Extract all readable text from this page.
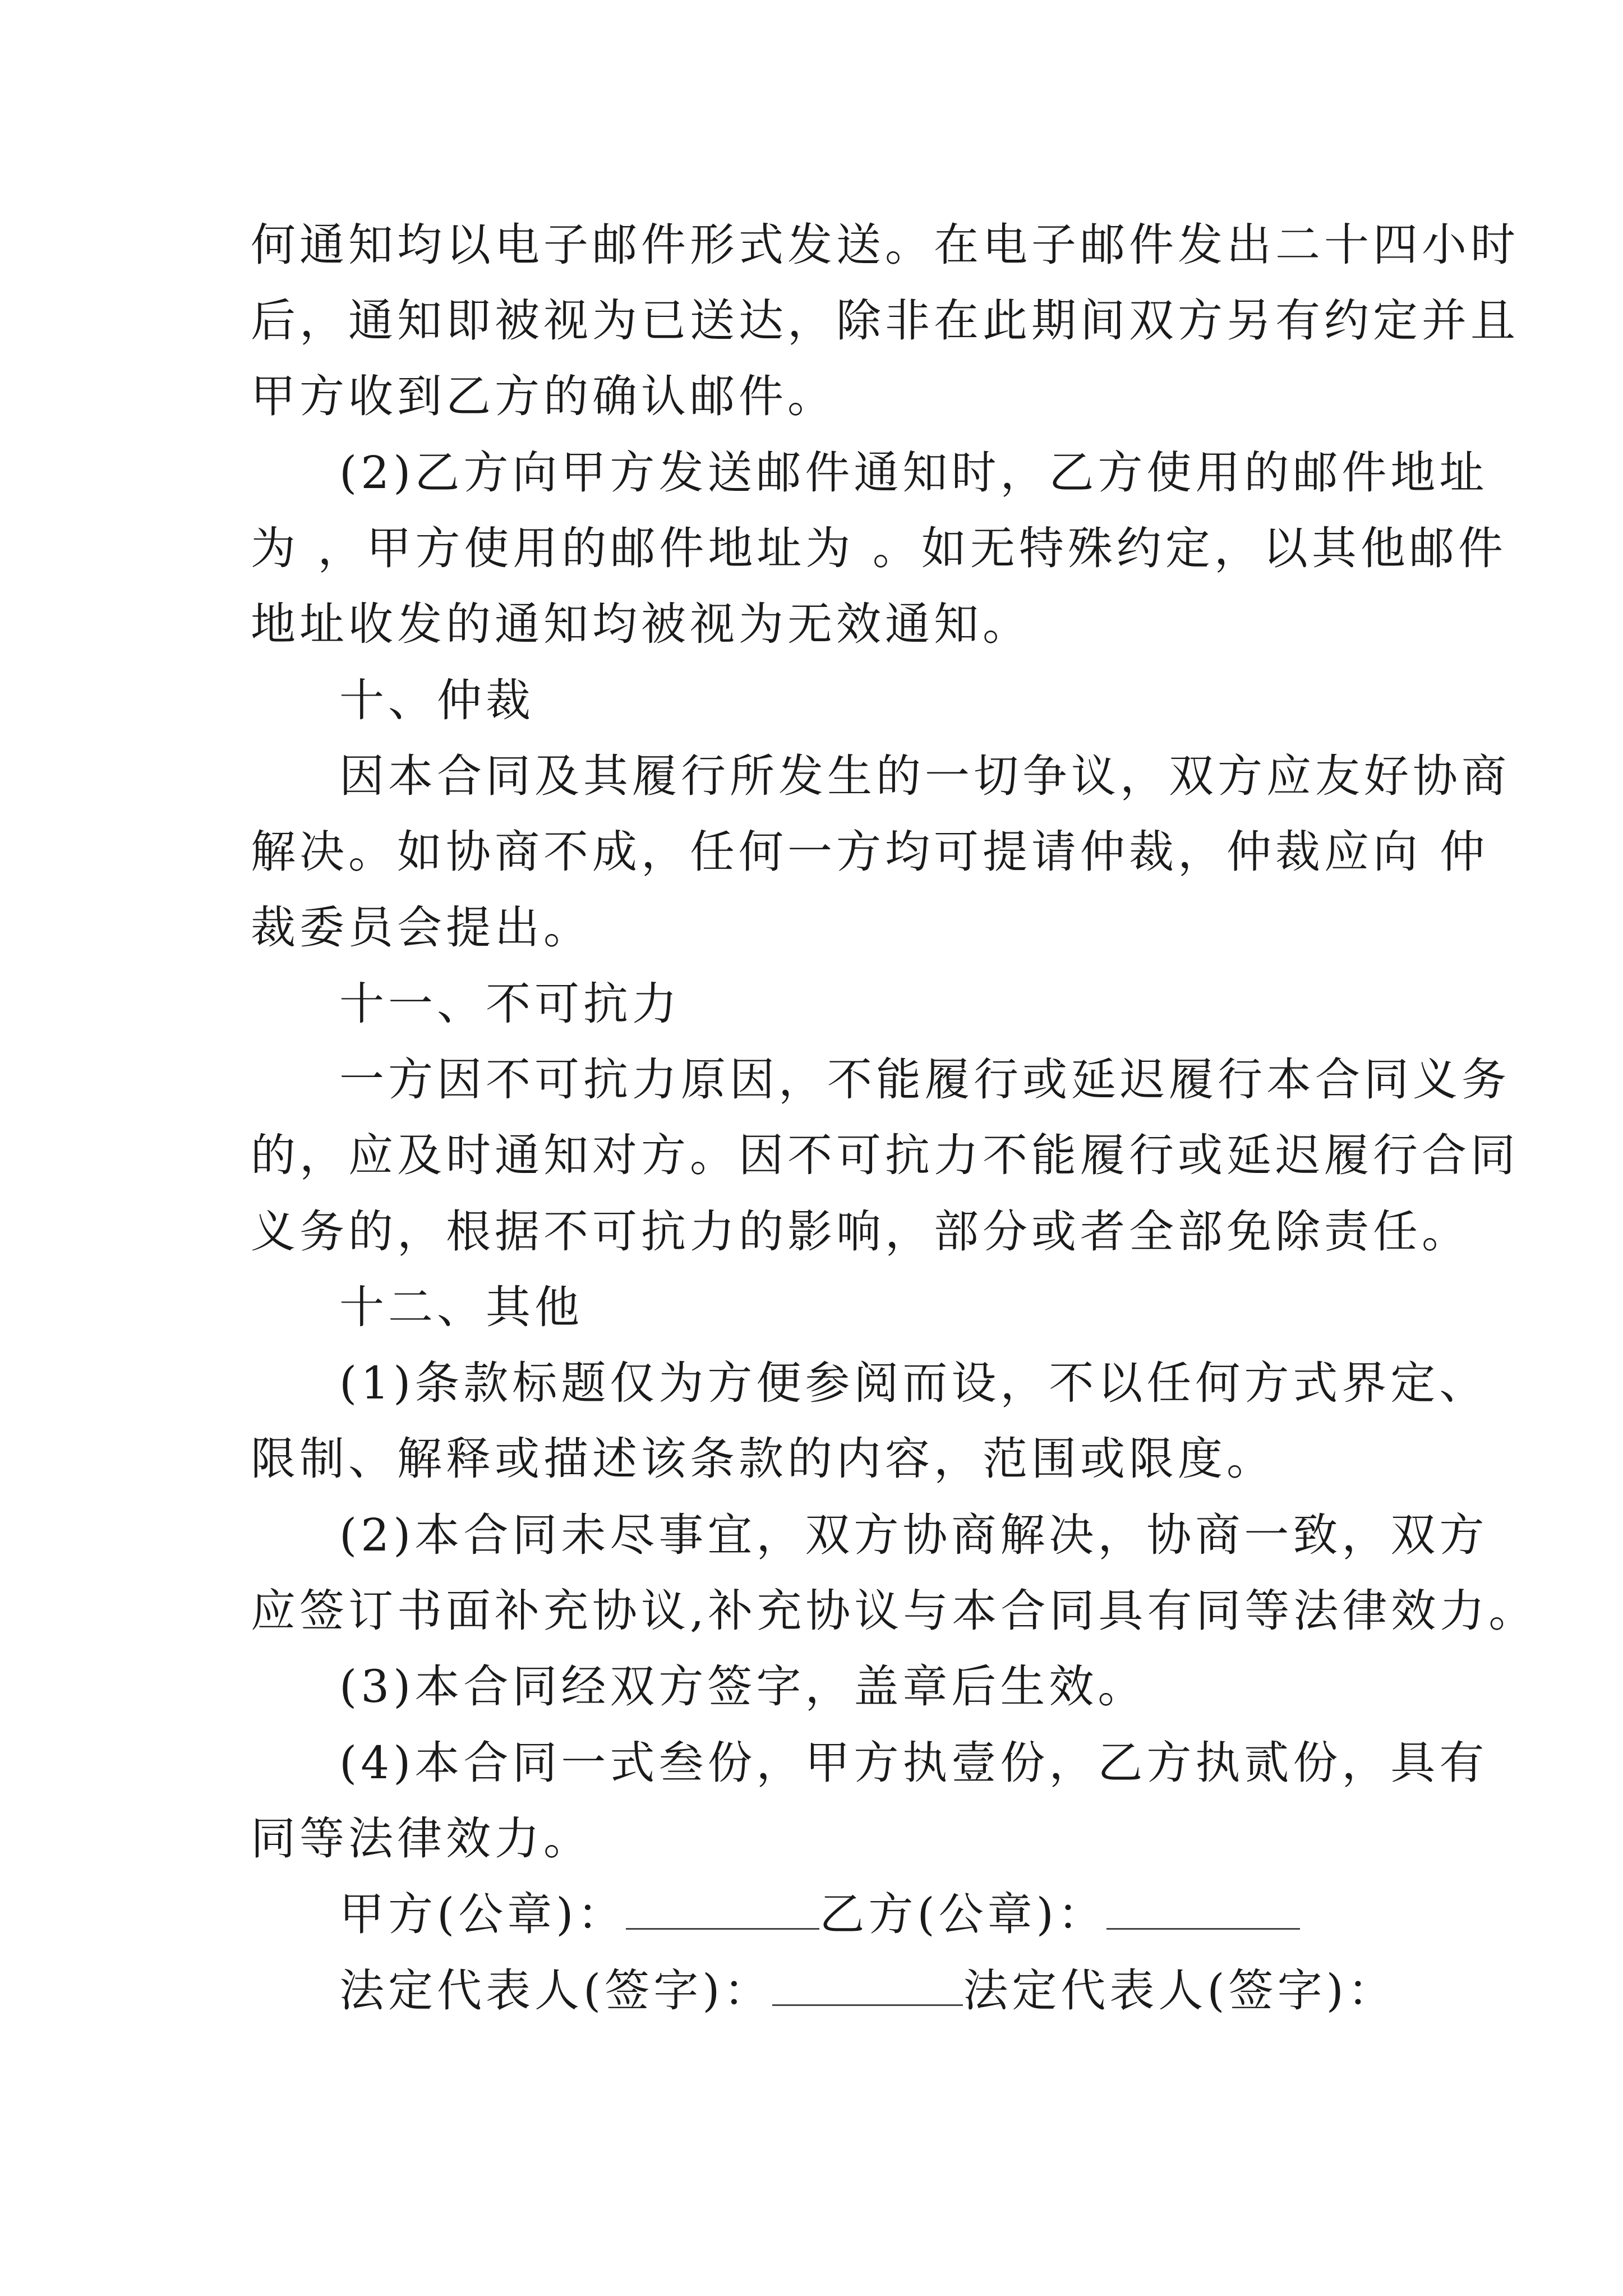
何通知均以电子邮件形式发送。在电子邮件发出二十四小时
后，通知即被视为已送达，除非在此期间双方另有约定并且
甲方收到乙方的确认邮件。
(2)乙方向甲方发送邮件通知时，乙方使用的邮件地址
为 ，甲方使用的邮件地址为 。如无特殊约定，以其他邮件
地址收发的通知均被视为无效通知。
十、仲裁
因本合同及其履行所发生的一切争议，双方应友好协商
解决。如协商不成，任何一方均可提请仲裁，仲裁应向 仲
裁委员会提出。
十一、不可抗力
一方因不可抗力原因，不能履行或延迟履行本合同义务
的，应及时通知对方。因不可抗力不能履行或延迟履行合同
义务的，根据不可抗力的影响，部分或者全部免除责任。
十二、其他
(1)条款标题仅为方便参阅而设，不以任何方式界定、
限制、解释或描述该条款的内容，范围或限度。
(2)本合同未尽事宜，双方协商解决，协商一致，双方
应签订书面补充协议,补充协议与本合同具有同等法律效力。
(3)本合同经双方签字，盖章后生效。
(4)本合同一式叁份，甲方执壹份，乙方执贰份，具有
同等法律效力。
甲方(公章)：	乙方(公章)：
法定代表人(签字)：	法定代表人(签字)：
